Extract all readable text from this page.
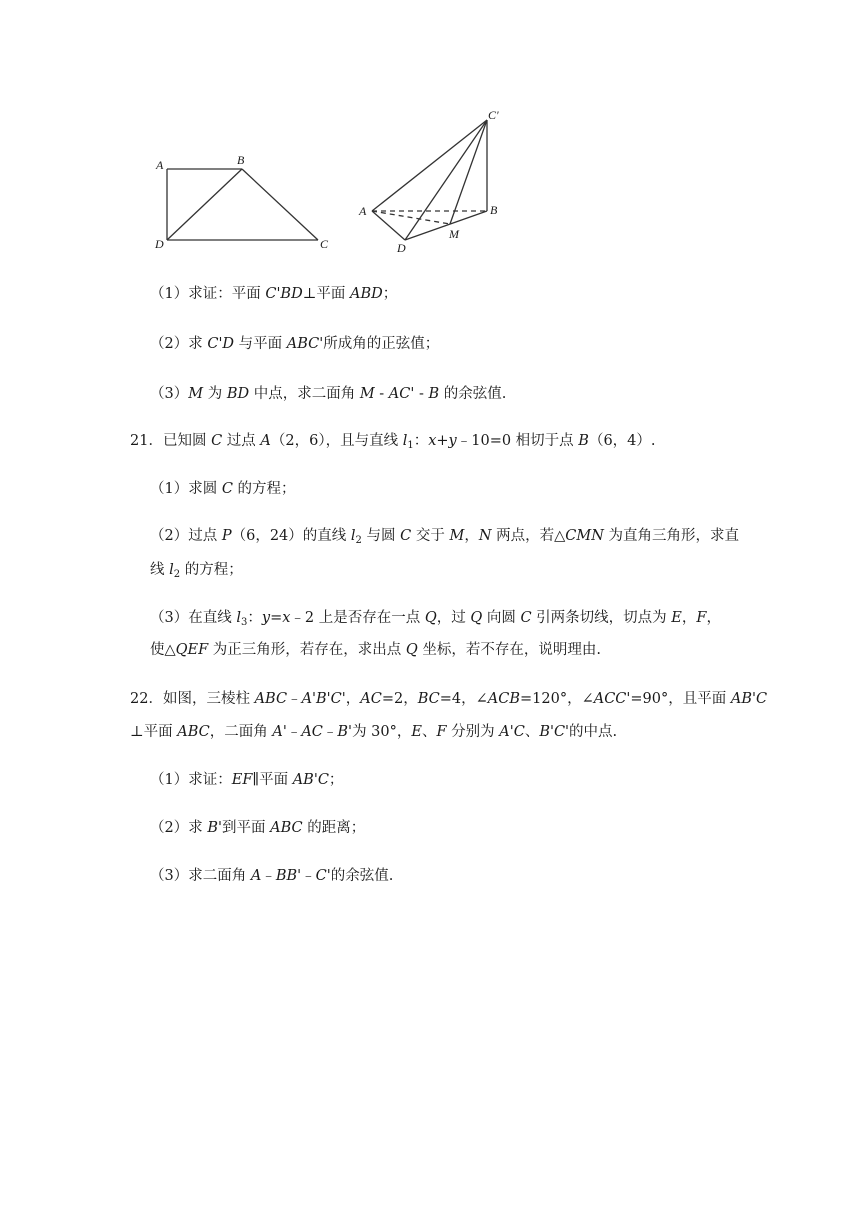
A	B
C
D
C'
A	B
M
D
（1）求证：平面 C'BD⊥平面 ABD；
（2）求 C'D 与平面 ABC'所成角的正弦值；
（3）M 为 BD 中点，求二面角 M ‑ AC' ‑ B 的余弦值.
21．已知圆 C 过点 A（2，6），且与直线 $l_1$：x+y﹣10=0 相切于点 B（6，4）.
（1）求圆 C 的方程；
（2）过点 P（6，24）的直线 $l_2$ 与圆 C 交于 M，N 两点，若△CMN 为直角三角形，求直
线 $l_2$ 的方程；
（3）在直线 $l_3$：y=x﹣2 上是否存在一点 Q，过 Q 向圆 C 引两条切线，切点为 E，F，
使△QEF 为正三角形，若存在，求出点 Q 坐标，若不存在，说明理由.
22．如图，三棱柱 ABC﹣A'B'C'，AC=2，BC=4，∠ACB=120°，∠ACC'=90°，且平面 AB'C
⊥平面 ABC，二面角 A'﹣AC﹣B'为 30°，E、F 分别为 A'C、B'C'的中点.
（1）求证：EF∥平面 AB'C；
（2）求 B'到平面 ABC 的距离；
（3）求二面角 A﹣BB'﹣C'的余弦值.
